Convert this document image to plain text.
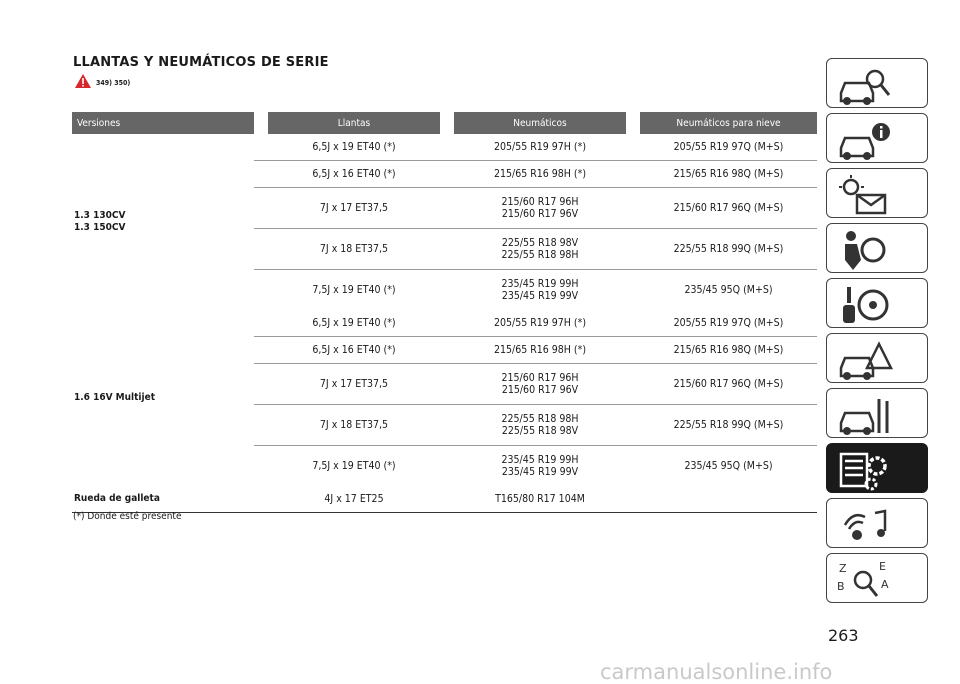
LLANTAS Y NEUMÁTICOS DE SERIE
349) 350)
Versiones		Llantas		Neumáticos		Neumáticos para nieve

1.3 130CV
1.3 150CV		6,5J x 19 ET40 (*)		205/55 R19 97H (*)		205/55 R19 97Q (M+S)
		6,5J x 16 ET40 (*)		215/65 R16 98H (*)		215/65 R16 98Q (M+S)
		7J x 17 ET37,5		215/60 R17 96H
215/60 R17 96V		215/60 R17 96Q (M+S)
		7J x 18 ET37,5		225/55 R18 98V
225/55 R18 98H		225/55 R18 99Q (M+S)
		7,5J x 19 ET40 (*)		235/45 R19 99H
235/45 R19 99V		235/45 95Q (M+S)

1.6 16V Multijet		6,5J x 19 ET40 (*)		205/55 R19 97H (*)		205/55 R19 97Q (M+S)
		6,5J x 16 ET40 (*)		215/65 R16 98H (*)		215/65 R16 98Q (M+S)
		7J x 17 ET37,5		215/60 R17 96H
215/60 R17 96V		215/60 R17 96Q (M+S)
		7J x 18 ET37,5		225/55 R18 98H
225/55 R18 98V		225/55 R18 99Q (M+S)
		7,5J x 19 ET40 (*)		235/45 R19 99H
235/45 R19 99V		235/45 95Q (M+S)
Rueda de galleta		4J x 17 ET25	T165/80 R17 104M			
(*) Donde esté presente
Z	E
B	A
263
carmanualsonline.info
